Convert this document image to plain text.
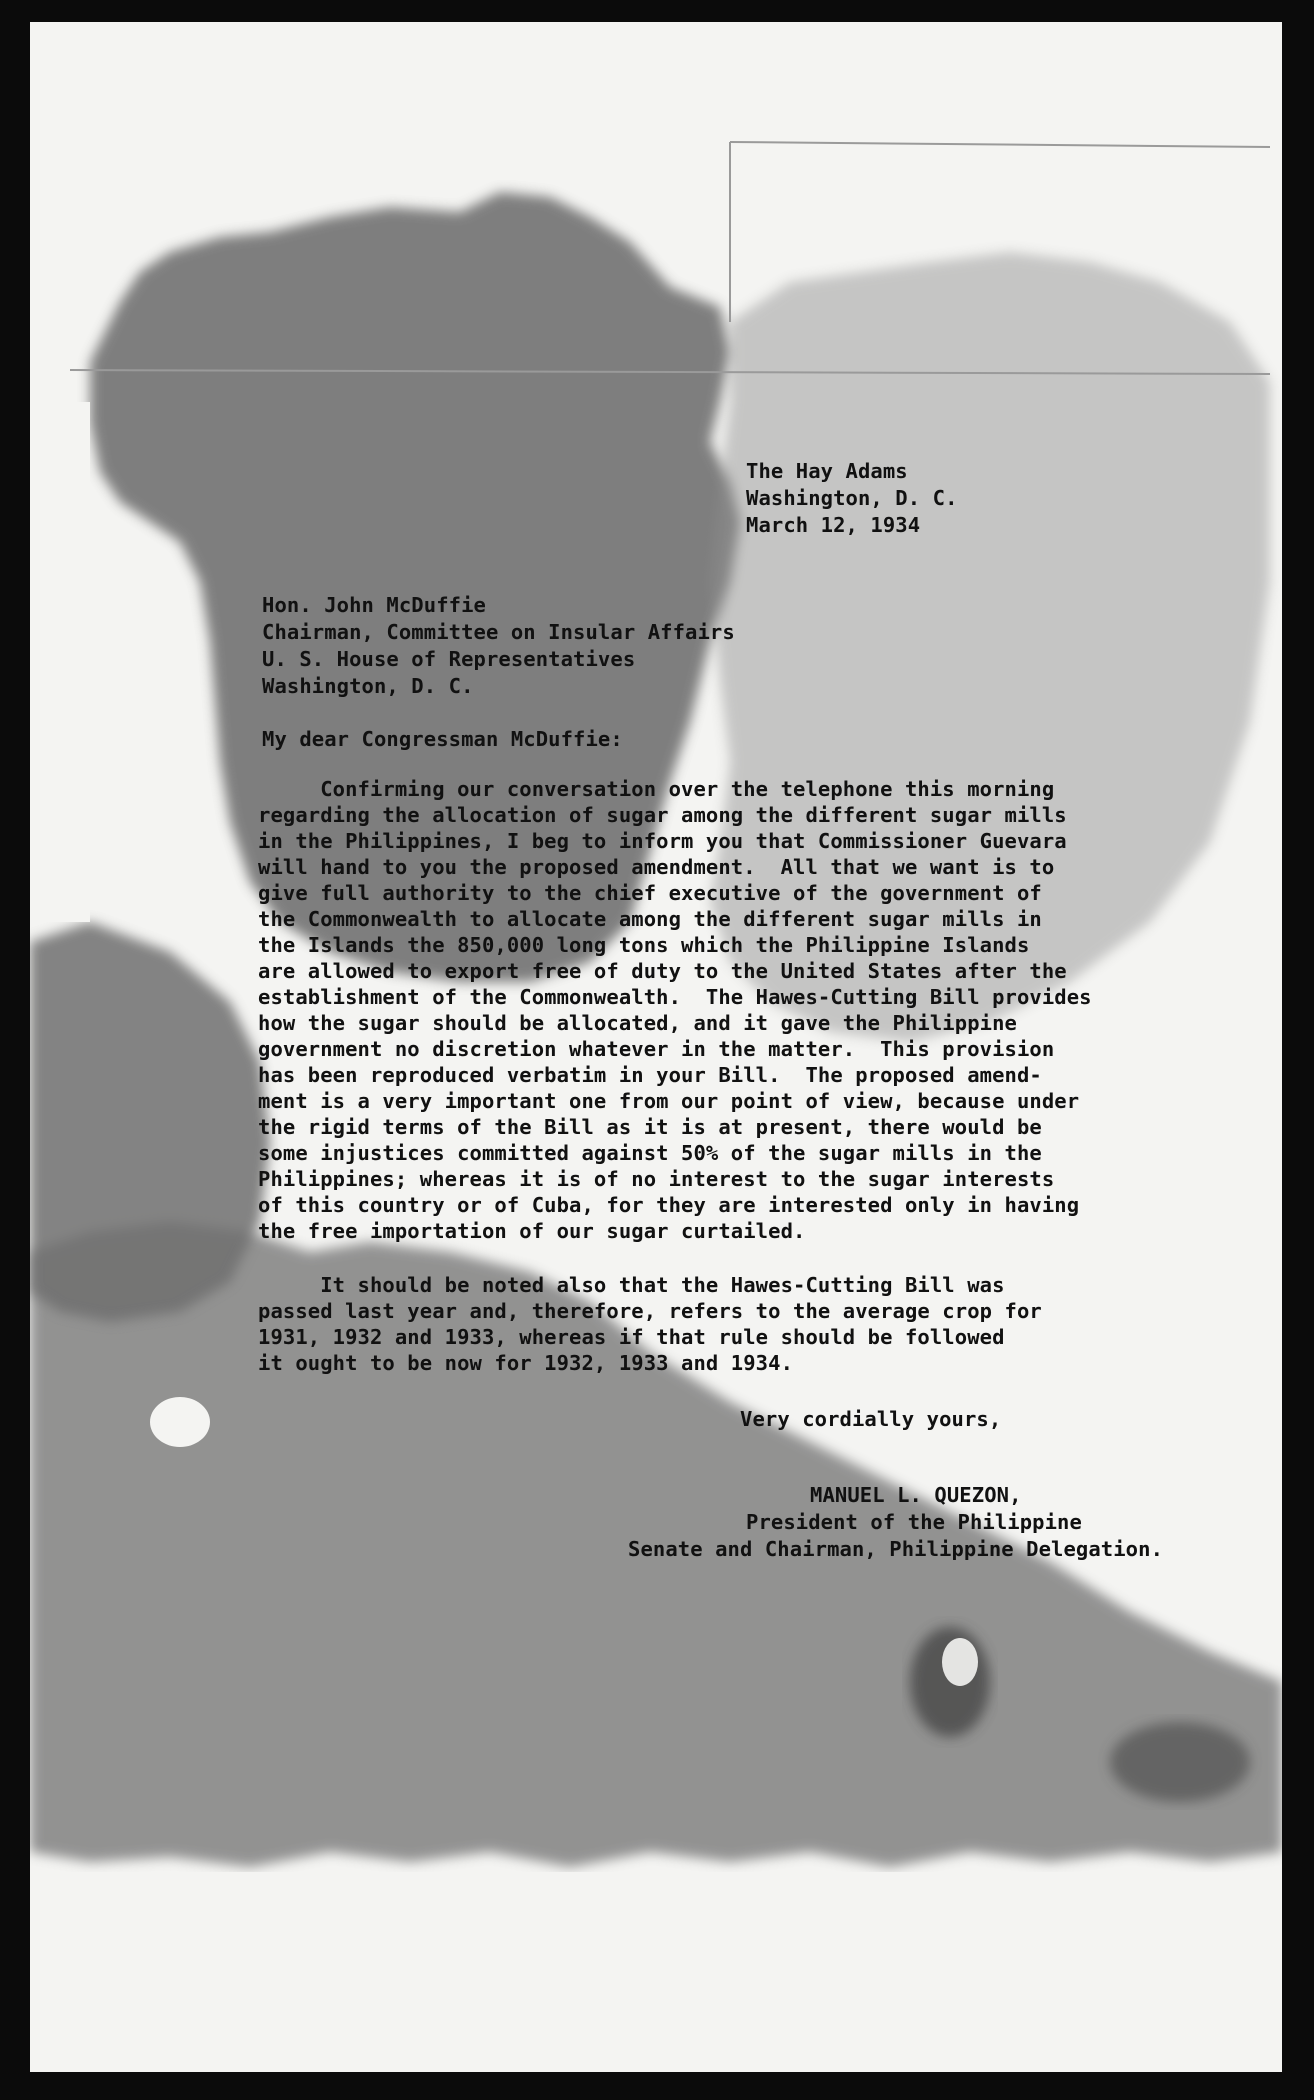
The Hay Adams
Washington, D. C.
March 12, 1934
Hon. John McDuffie
Chairman, Committee on Insular Affairs
U. S. House of Representatives
Washington, D. C.
My dear Congressman McDuffie:
Confirming our conversation over the telephone this morning
regarding the allocation of sugar among the different sugar mills
in the Philippines, I beg to inform you that Commissioner Guevara
will hand to you the proposed amendment.  All that we want is to
give full authority to the chief executive of the government of
the Commonwealth to allocate among the different sugar mills in
the Islands the 850,000 long tons which the Philippine Islands
are allowed to export free of duty to the United States after the
establishment of the Commonwealth.  The Hawes-Cutting Bill provides
how the sugar should be allocated, and it gave the Philippine
government no discretion whatever in the matter.  This provision
has been reproduced verbatim in your Bill.  The proposed amend-
ment is a very important one from our point of view, because under
the rigid terms of the Bill as it is at present, there would be
some injustices committed against 50% of the sugar mills in the
Philippines; whereas it is of no interest to the sugar interests
of this country or of Cuba, for they are interested only in having
the free importation of our sugar curtailed.
It should be noted also that the Hawes-Cutting Bill was
passed last year and, therefore, refers to the average crop for
1931, 1932 and 1933, whereas if that rule should be followed
it ought to be now for 1932, 1933 and 1934.
Very cordially yours,
MANUEL L. QUEZON,
President of the Philippine
Senate and Chairman, Philippine Delegation.
